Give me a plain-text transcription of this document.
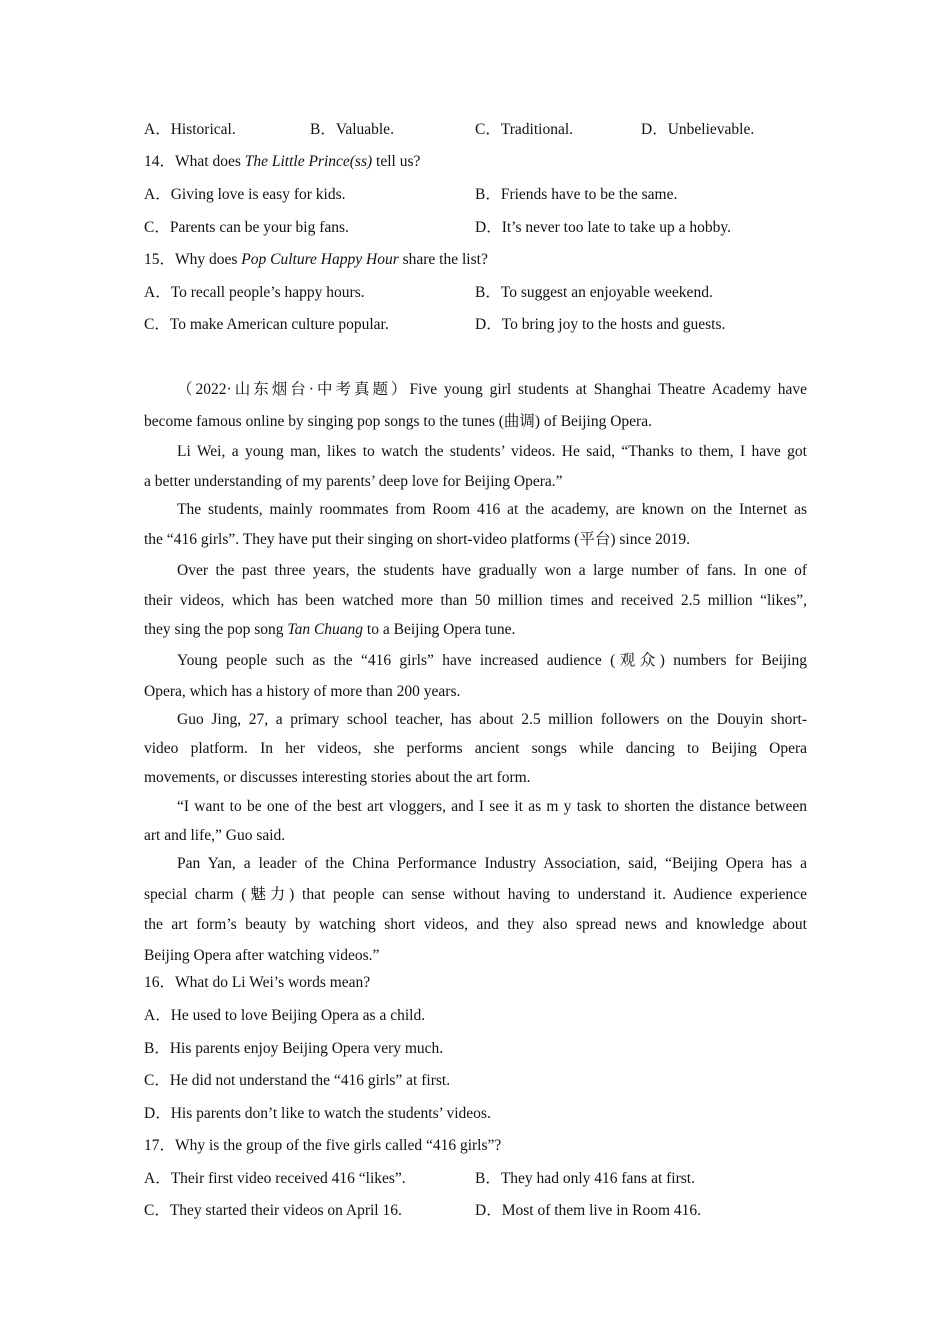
A．Historical.	B．Valuable.	C．Traditional.	D．Unbelievable.
14．What does The Little Prince(ss) tell us?
A．Giving love is easy for kids.	B．Friends have to be the same.
C．Parents can be your big fans.	D．It’s never too late to take up a hobby.
15．Why does Pop Culture Happy Hour share the list?
A．To recall people’s happy hours.	B．To suggest an enjoyable weekend.
C．To make American culture popular.	D．To bring joy to the hosts and guests.
（2022·山东烟台·中考真题）Five young girl students at Shanghai Theatre Academy have
become famous online by singing pop songs to the tunes (曲调) of Beijing Opera.
Li Wei, a young man, likes to watch the students’ videos. He said, “Thanks to them, I have got
a better understanding of my parents’ deep love for Beijing Opera.”
The students, mainly roommates from Room 416 at the academy, are known on the Internet as
the “416 girls”. They have put their singing on short-video platforms (平台) since 2019.
Over the past three years, the students have gradually won a large number of fans. In one of
their videos, which has been watched more than 50 million times and received 2.5 million “likes”,
they sing the pop song Tan Chuang to a Beijing Opera tune.
Young people such as the “416 girls” have increased audience (观众) numbers for Beijing
Opera, which has a history of more than 200 years.
Guo Jing, 27, a primary school teacher, has about 2.5 million followers on the Douyin short-
video platform. In her videos, she performs ancient songs while dancing to Beijing Opera
movements, or discusses interesting stories about the art form.
“I want to be one of the best art vloggers, and I see it as m y task to shorten the distance between
art and life,” Guo said.
Pan Yan, a leader of the China Performance Industry Association, said, “Beijing Opera has a
special charm (魅力) that people can sense without having to understand it. Audience experience
the art form’s beauty by watching short videos, and they also spread news and knowledge about
Beijing Opera after watching videos.”
16．What do Li Wei’s words mean?
A．He used to love Beijing Opera as a child.
B．His parents enjoy Beijing Opera very much.
C．He did not understand the “416 girls” at first.
D．His parents don’t like to watch the students’ videos.
17．Why is the group of the five girls called “416 girls”?
A．Their first video received 416 “likes”.	B．They had only 416 fans at first.
C．They started their videos on April 16.	D．Most of them live in Room 416.
